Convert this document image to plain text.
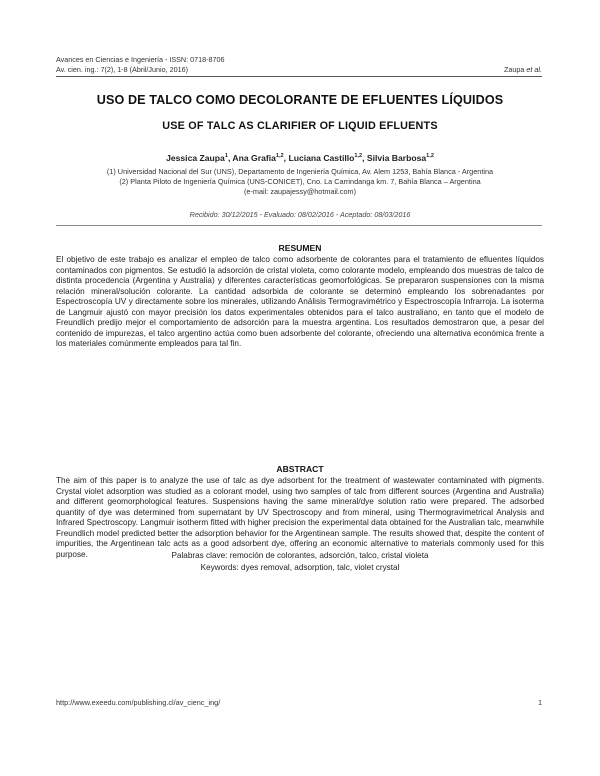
Avances en Ciencias e Ingeniería - ISSN: 0718-8706
Av. cien. ing.: 7(2), 1-8 (Abril/Junio, 2016)	Zaupa et al.
USO DE TALCO COMO DECOLORANTE DE EFLUENTES LÍQUIDOS
USE OF TALC AS CLARIFIER OF LIQUID EFLUENTS
Jessica Zaupa$^1$, Ana Grafia$^{1,2}$, Luciana Castillo$^{1,2}$, Silvia Barbosa$^{1,2}$
(1) Universidad Nacional del Sur (UNS), Departamento de Ingeniería Química, Av. Alem 1253, Bahía Blanca - Argentina
(2) Planta Piloto de Ingeniería Química (UNS-CONICET), Cno. La Carrindanga km. 7, Bahía Blanca – Argentina
(e-mail: zaupajessy@hotmail.com)
Recibido: 30/12/2015 - Evaluado: 08/02/2016 - Aceptado: 08/03/2016
RESUMEN

El objetivo de este trabajo es analizar el empleo de talco como adsorbente de colorantes para el tratamiento de efluentes líquidos contaminados con pigmentos. Se estudió la adsorción de cristal violeta, como colorante modelo, empleando dos muestras de talco de distinta procedencia (Argentina y Australia) y diferentes características geomorfológicas. Se prepararon suspensiones con la misma relación mineral/solución colorante. La cantidad adsorbida de colorante se determinó empleando los sobrenadantes por Espectroscopía UV y directamente sobre los minerales, utilizando Análisis Termogravimétrico y Espectroscopía Infrarroja. La isoterma de Langmuir ajustó con mayor precisión los datos experimentales obtenidos para el talco australiano, en tanto que el modelo de Freundlich predijo mejor el comportamiento de adsorción para la muestra argentina. Los resultados demostraron que, a pesar del contenido de impurezas, el talco argentino actúa como buen adsorbente del colorante, ofreciendo una alternativa económica frente a los materiales comúnmente empleados para tal fin.

ABSTRACT

The aim of this paper is to analyze the use of talc as dye adsorbent for the treatment of wastewater contaminated with pigments. Crystal violet adsorption was studied as a colorant model, using two samples of talc from different sources (Argentina and Australia) and different geomorphological features. Suspensions having the same mineral/dye solution ratio were prepared. The adsorbed quantity of dye was determined from supernatant by UV Spectroscopy and from mineral, using Thermogravimetrical Analysis and Infrared Spectroscopy. Langmuir isotherm fitted with higher precision the experimental data obtained for the Australian talc, meanwhile Freundlich model predicted better the adsorption behavior for the Argentinean sample. The results showed that, despite the content of impurities, the Argentinean talc acts as a good adsorbent dye, offering an economic alternative to materials commonly used for this purpose.	Palabras clave: remoción de colorantes, adsorción, talco, cristal violeta
Keywords: dyes removal, adsorption, talc, violet crystal
http://www.exeedu.com/publishing.cl/av_cienc_ing/	1
